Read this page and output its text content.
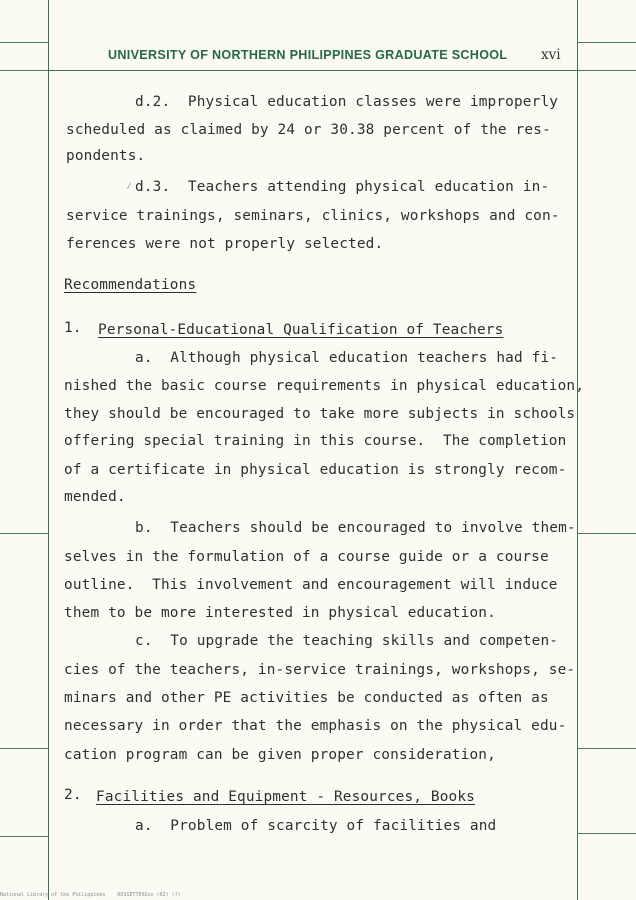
UNIVERSITY OF NORTHERN PHILIPPINES GRADUATE SCHOOL	xvi
⁄
d.2.  Physical education classes were improperly
scheduled as claimed by 24 or 30.38 percent of the res-
pondents.
d.3.  Teachers attending physical education in-
service trainings, seminars, clinics, workshops and con-
ferences were not properly selected.
Recommendations
1. Personal-Educational Qualification of Teachers
a.  Although physical education teachers had fi-
nished the basic course requirements in physical education,
they should be encouraged to take more subjects in schools
offering special training in this course.  The completion
of a certificate in physical education is strongly recom-
mended.
b.  Teachers should be encouraged to involve them-
selves in the formulation of a course guide or a course
outline.  This involvement and encouragement will induce
them to be more interested in physical education.
c.  To upgrade the teaching skills and competen-
cies of the teachers, in-service trainings, workshops, se-
minars and other PE activities be conducted as often as
necessary in order that the emphasis on the physical edu-
cation program can be given proper consideration,
2. Facilities and Equipment - Resources, Books
a.  Problem of scarcity of facilities and
National Library of the Philippines    ROSSETTEXXxx (02) (?)
